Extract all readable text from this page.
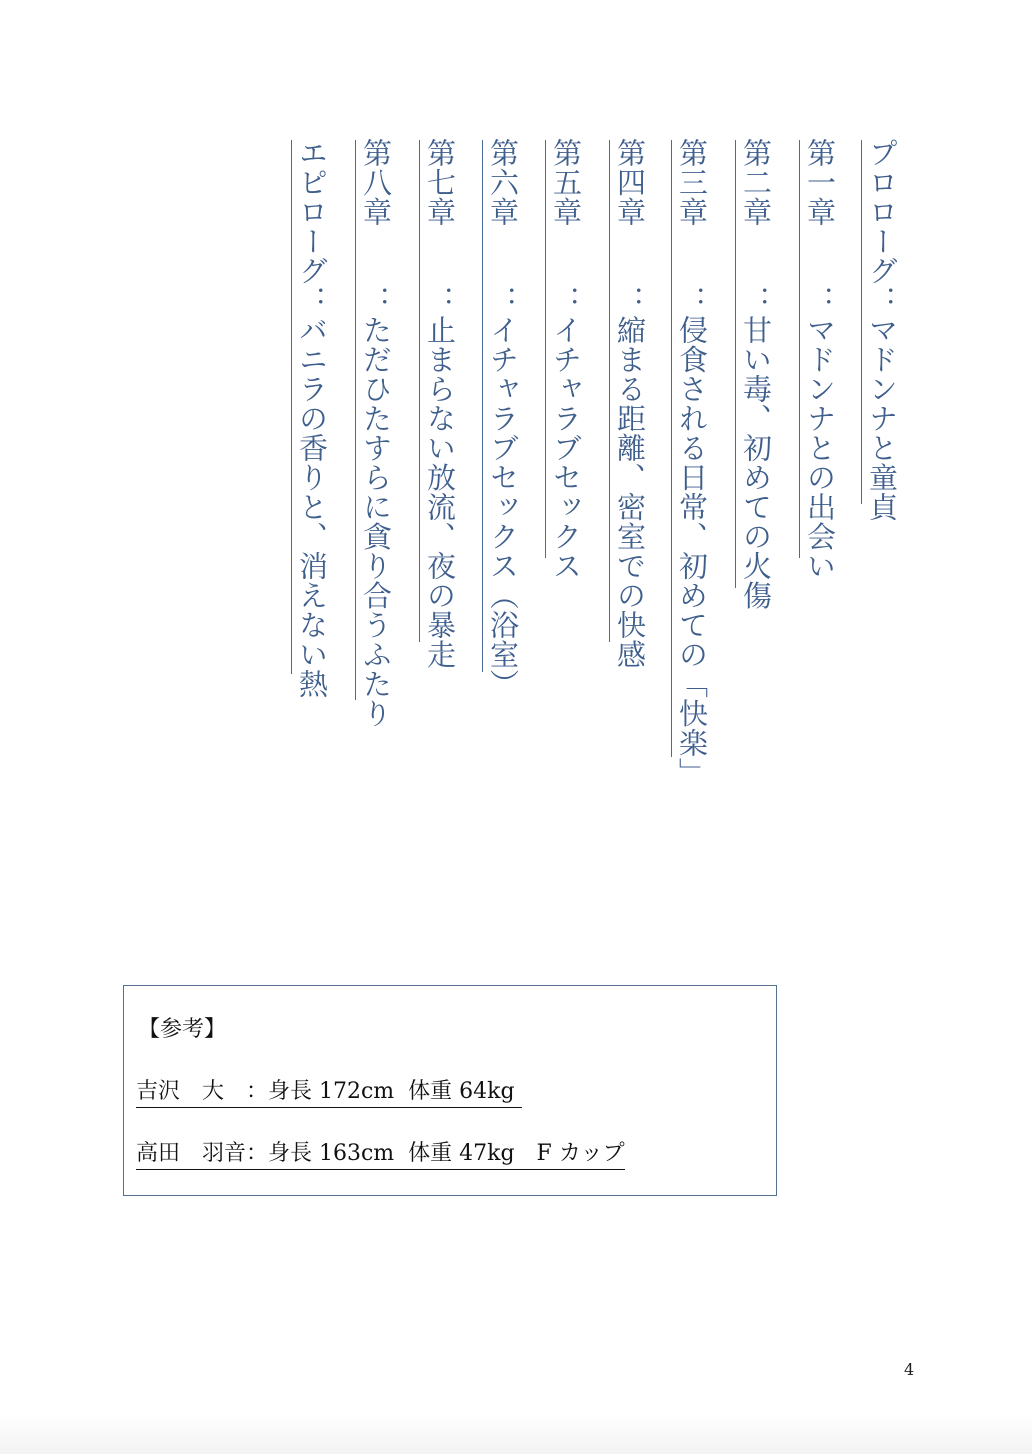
プロローグ：マドンナと童貞
第一章　　：マドンナとの出会い
第二章　　：甘い毒、初めての火傷
第三章　　：侵食される日常、初めての「快楽」
第四章　　：縮まる距離、密室での快感
第五章　　：イチャラブセックス
第六章　　：イチャラブセックス（浴室）
第七章　　：止まらない放流、夜の暴走
第八章　　：ただひたすらに貪り合うふたり
エピローグ：バニラの香りと、消えない熱
【参考】
吉沢　大　：身長 172cm  体重 64kg
高田　羽音：身長 163cm  体重 47kg　F カップ
4
